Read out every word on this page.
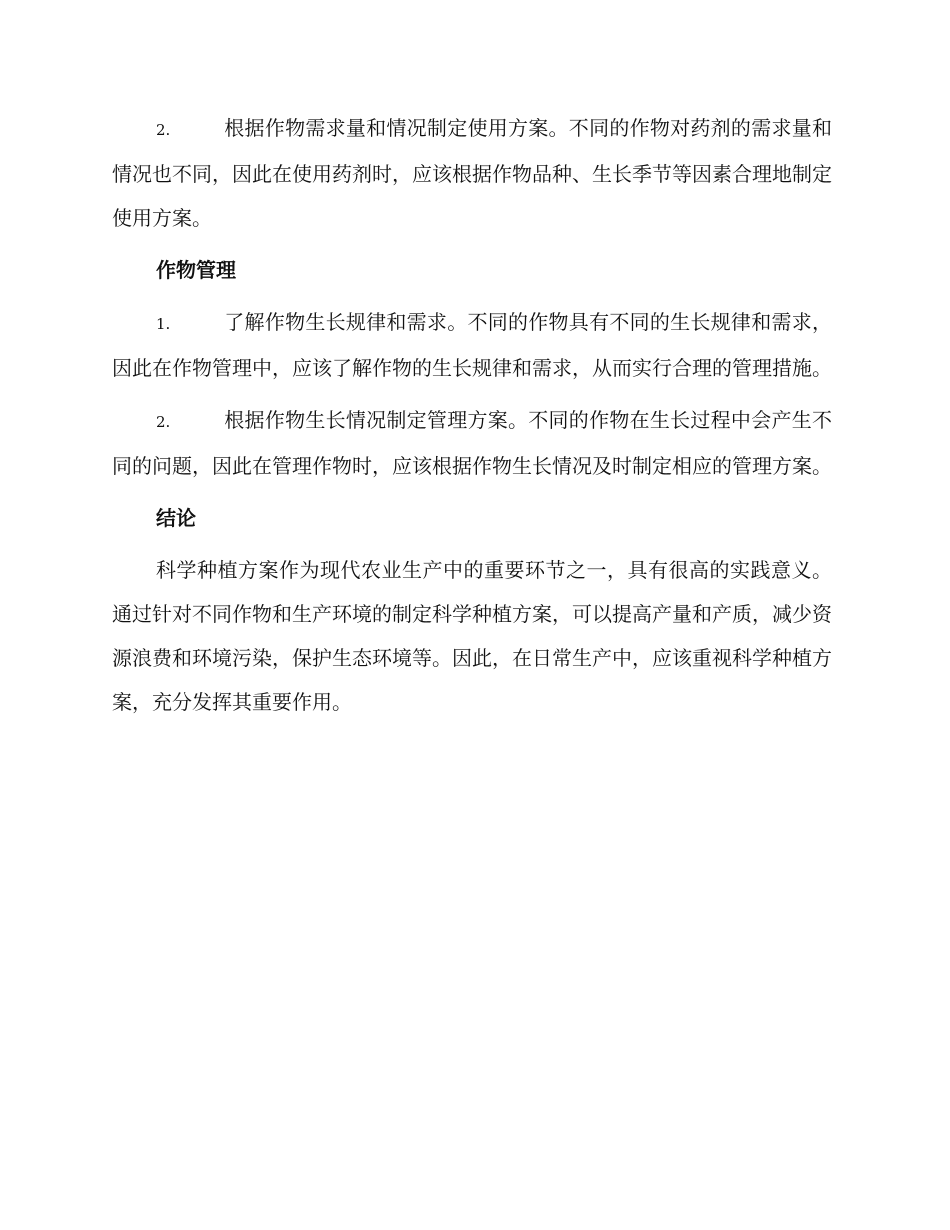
2.	根据作物需求量和情况制定使用方案。不同的作物对药剂的需求量和情况也不同，因此在使用药剂时，应该根据作物品种、生长季节等因素合理地制定使用方案。

作物管理

1.	了解作物生长规律和需求。不同的作物具有不同的生长规律和需求，因此在作物管理中，应该了解作物的生长规律和需求，从而实行合理的管理措施。

2.	根据作物生长情况制定管理方案。不同的作物在生长过程中会产生不同的问题，因此在管理作物时，应该根据作物生长情况及时制定相应的管理方案。

结论

科学种植方案作为现代农业生产中的重要环节之一，具有很高的实践意义。通过针对不同作物和生产环境的制定科学种植方案，可以提高产量和产质，减少资源浪费和环境污染，保护生态环境等。因此，在日常生产中，应该重视科学种植方案，充分发挥其重要作用。
